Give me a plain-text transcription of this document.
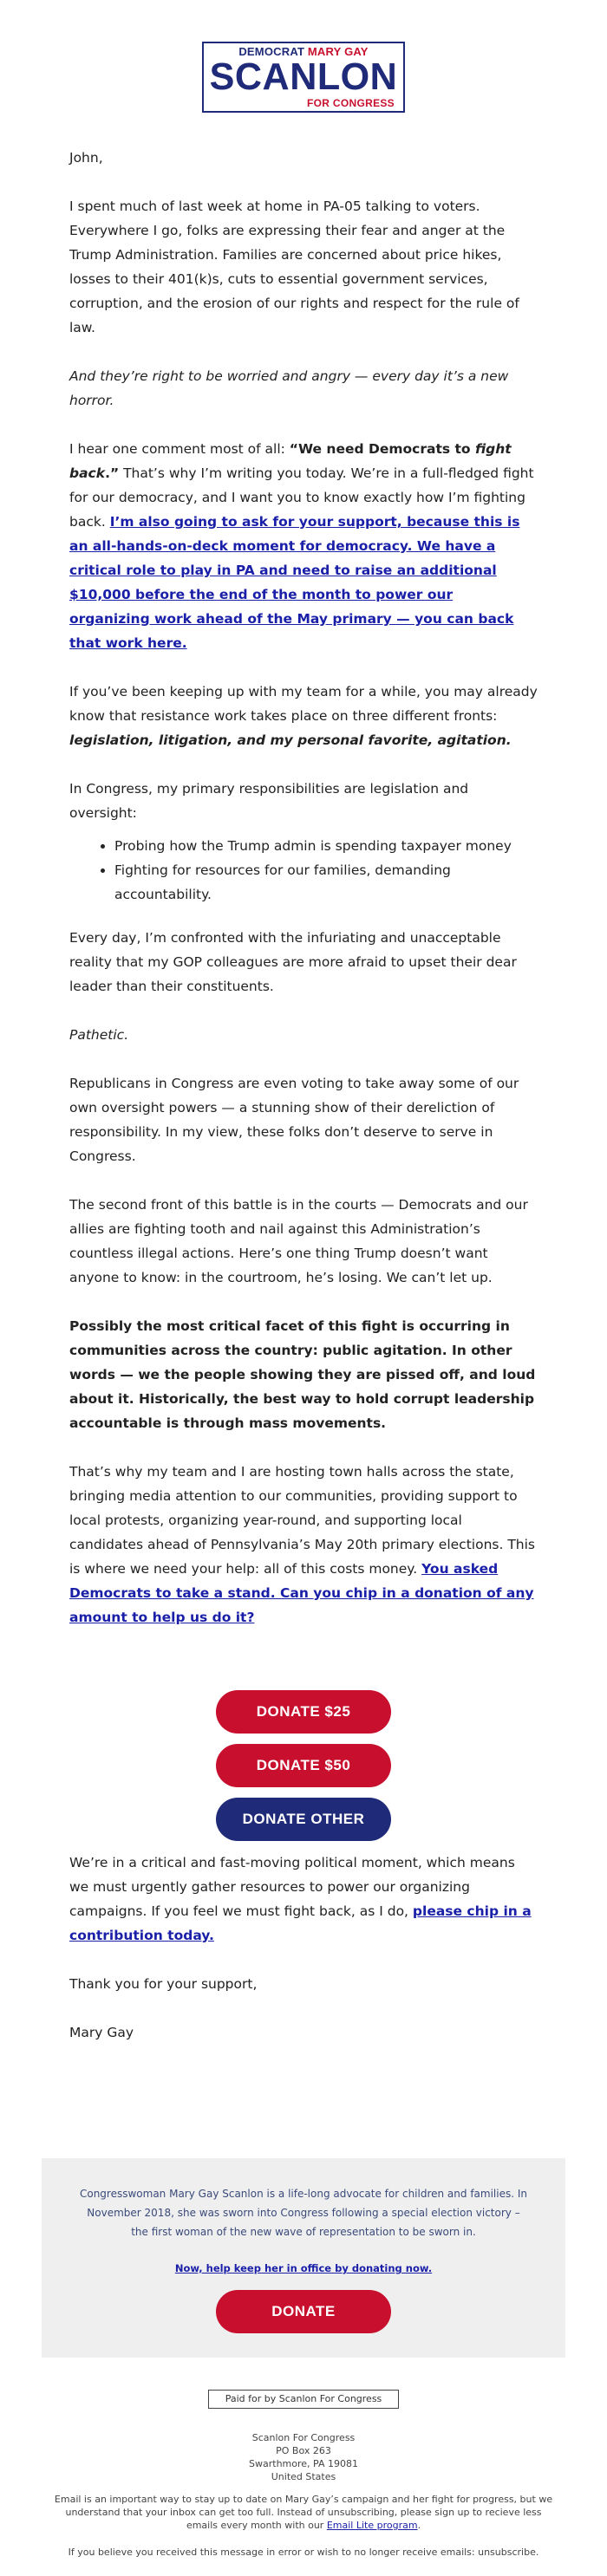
DEMOCRAT MARY GAY
SCANLON
FOR CONGRESS

John,

I spent much of last week at home in PA-05 talking to voters. Everywhere I go, folks are expressing their fear and anger at the Trump Administration. Families are concerned about price hikes, losses to their 401(k)s, cuts to essential government services, corruption, and the erosion of our rights and respect for the rule of law.

And they’re right to be worried and angry — every day it’s a new horror.

I hear one comment most of all: “We need Democrats to fight back.” That’s why I’m writing you today. We’re in a full-fledged fight for our democracy, and I want you to know exactly how I’m fighting back. I’m also going to ask for your support, because this is an all-hands-on-deck moment for democracy. We have a critical role to play in PA and need to raise an additional $10,000 before the end of the month to power our organizing work ahead of the May primary — you can back that work here.

If you’ve been keeping up with my team for a while, you may already know that resistance work takes place on three different fronts: legislation, litigation, and my personal favorite, agitation.

In Congress, my primary responsibilities are legislation and oversight:

• Probing how the Trump admin is spending taxpayer money
• Fighting for resources for our families, demanding accountability.

Every day, I’m confronted with the infuriating and unacceptable reality that my GOP colleagues are more afraid to upset their dear leader than their constituents.

Pathetic.

Republicans in Congress are even voting to take away some of our own oversight powers — a stunning show of their dereliction of responsibility. In my view, these folks don’t deserve to serve in Congress.

The second front of this battle is in the courts — Democrats and our allies are fighting tooth and nail against this Administration’s countless illegal actions. Here’s one thing Trump doesn’t want anyone to know: in the courtroom, he’s losing. We can’t let up.

Possibly the most critical facet of this fight is occurring in communities across the country: public agitation. In other words — we the people showing they are pissed off, and loud about it. Historically, the best way to hold corrupt leadership accountable is through mass movements.

That’s why my team and I are hosting town halls across the state, bringing media attention to our communities, providing support to local protests, organizing year-round, and supporting local candidates ahead of Pennsylvania’s May 20th primary elections. This is where we need your help: all of this costs money. You asked Democrats to take a stand. Can you chip in a donation of any amount to help us do it?

DONATE $25
DONATE $50
DONATE OTHER

We’re in a critical and fast-moving political moment, which means we must urgently gather resources to power our organizing campaigns. If you feel we must fight back, as I do, please chip in a contribution today.

Thank you for your support,

Mary Gay

Congresswoman Mary Gay Scanlon is a life-long advocate for children and families. In November 2018, she was sworn into Congress following a special election victory – the first woman of the new wave of representation to be sworn in.
Now, help keep her in office by donating now.
DONATE
Paid for by Scanlon For Congress
Scanlon For Congress
PO Box 263
Swarthmore, PA 19081
United States
Email is an important way to stay up to date on Mary Gay’s campaign and her fight for progress, but we understand that your inbox can get too full. Instead of unsubscribing, please sign up to recieve less emails every month with our Email Lite program.
If you believe you received this message in error or wish to no longer receive emails: unsubscribe.
